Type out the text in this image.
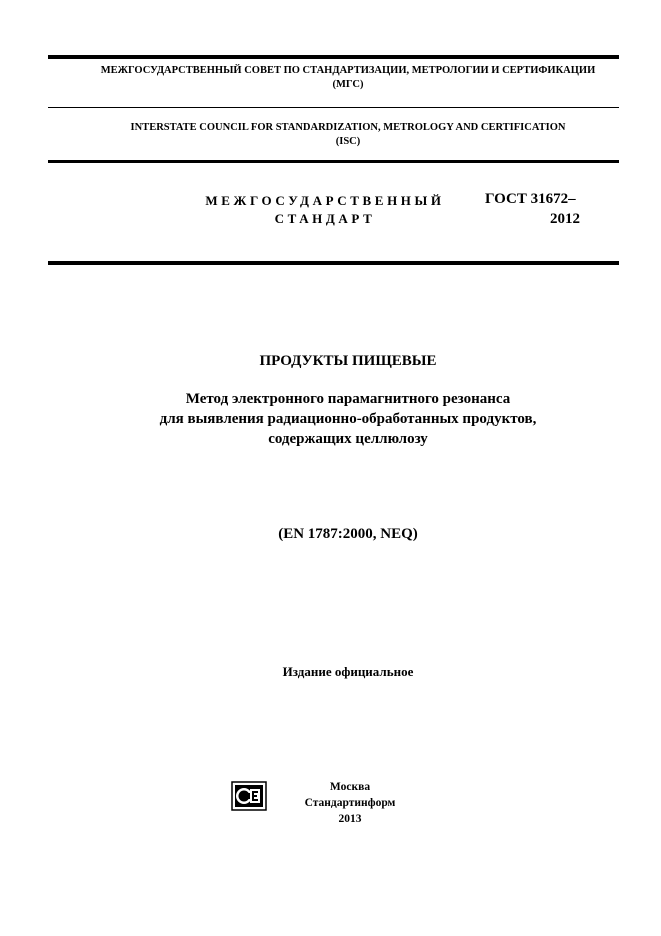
МЕЖГОСУДАРСТВЕННЫЙ СОВЕТ ПО СТАНДАРТИЗАЦИИ, МЕТРОЛОГИИ И СЕРТИФИКАЦИИ
(МГС)
INTERSTATE COUNCIL FOR STANDARDIZATION, METROLOGY AND CERTIFICATION
(ISC)
МЕЖГОСУДАРСТВЕННЫЙ
СТАНДАРТ
ГОСТ 31672–
2012
ПРОДУКТЫ ПИЩЕВЫЕ
Метод электронного парамагнитного резонанса
для выявления радиационно-обработанных продуктов,
содержащих целлюлозу
(EN 1787:2000, NEQ)
Издание официальное
Москва
Стандартинформ
2013
